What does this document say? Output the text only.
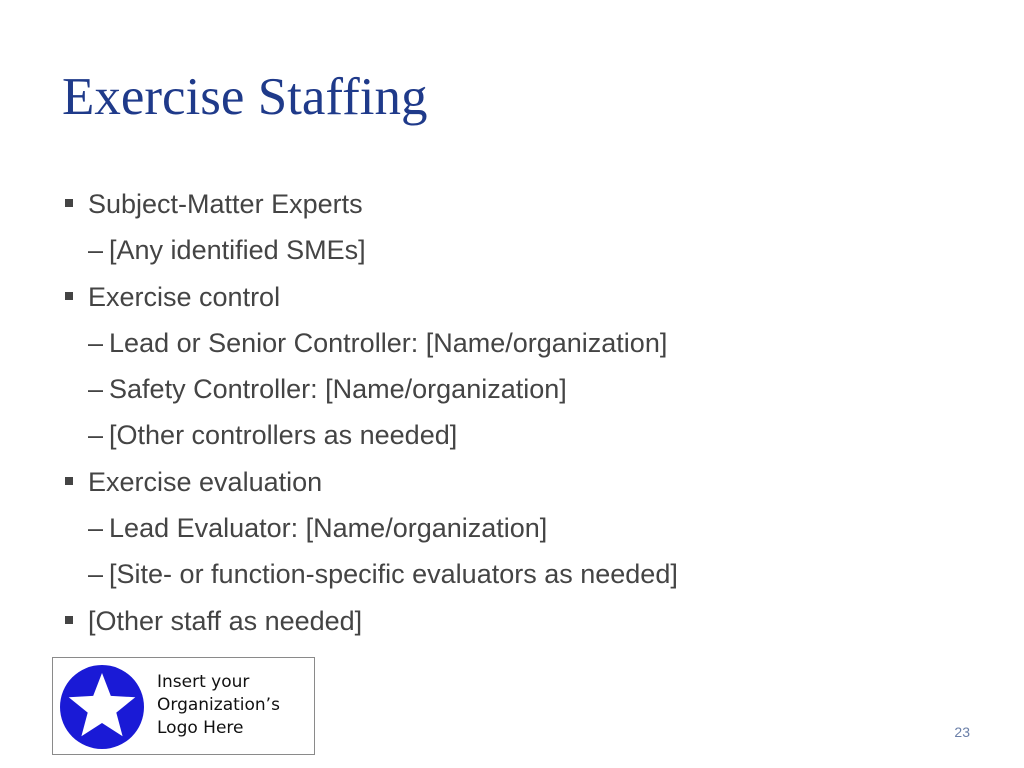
Exercise Staffing
Subject-Matter Experts
– [Any identified SMEs]
Exercise control
– Lead or Senior Controller: [Name/organization]
– Safety Controller: [Name/organization]
– [Other controllers as needed]
Exercise evaluation
– Lead Evaluator: [Name/organization]
– [Site- or function-specific evaluators as needed]
[Other staff as needed]
Insert your
Organization’s
Logo Here	23
